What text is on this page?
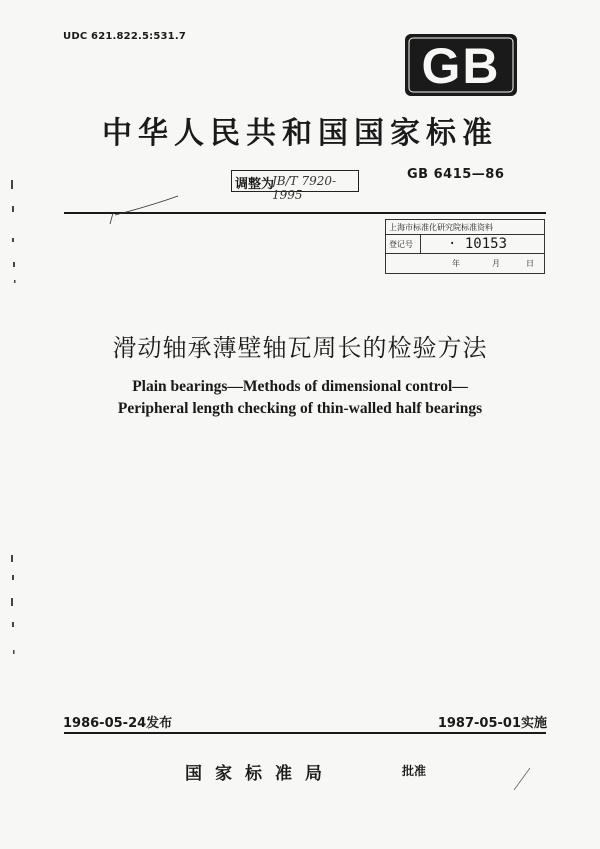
UDC 621.822.5:531.7
GB
中华人民共和国国家标准
调整为
JB/T 7920-1995
GB 6415—86
上海市标准化研究院标准资料
登记号	· 10153
年	月	日
滑动轴承薄壁轴瓦周长的检验方法
Plain bearings—Methods of dimensional control—
Peripheral length checking of thin-walled half bearings
1986-05-24发布	1987-05-01实施
国家标准局	批准
